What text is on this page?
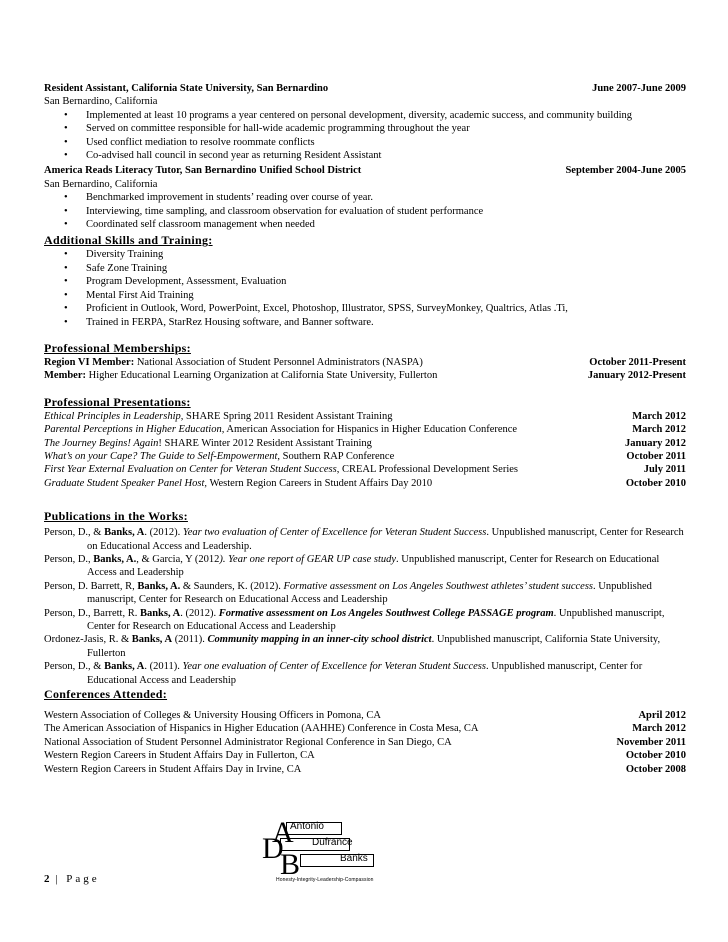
Resident Assistant, California State University, San Bernardino	June 2007-June 2009
San Bernardino, California
• Implemented at least 10 programs a year centered on personal development, diversity, academic success, and community building
• Served on committee responsible for hall-wide academic programming throughout the year
• Used conflict mediation to resolve roommate conflicts
• Co-advised hall council in second year as returning Resident Assistant
America Reads Literacy Tutor, San Bernardino Unified School District	September 2004-June 2005
San Bernardino, California
• Benchmarked improvement in students’ reading over course of year.
• Interviewing, time sampling, and classroom observation for evaluation of student performance
• Coordinated self classroom management when needed
Additional Skills and Training:
• Diversity Training
• Safe Zone Training
• Program Development, Assessment, Evaluation
• Mental First Aid Training
• Proficient in Outlook, Word, PowerPoint, Excel, Photoshop, Illustrator, SPSS, SurveyMonkey, Qualtrics, Atlas .Ti,
• Trained in FERPA, StarRez Housing software, and Banner software.
Professional Memberships:
Region VI Member: National Association of Student Personnel Administrators (NASPA)	October 2011-Present
Member: Higher Educational Learning Organization at California State University, Fullerton	January 2012-Present
Professional Presentations:
Ethical Principles in Leadership, SHARE Spring 2011 Resident Assistant Training	March 2012
Parental Perceptions in Higher Education, American Association for Hispanics in Higher Education Conference	March 2012
The Journey Begins! Again! SHARE Winter 2012 Resident Assistant Training	January 2012
What’s on your Cape? The Guide to Self-Empowerment, Southern RAP Conference	October 2011
First Year External Evaluation on Center for Veteran Student Success, CREAL Professional Development Series	July 2011
Graduate Student Speaker Panel Host, Western Region Careers in Student Affairs Day 2010	October 2010
Publications in the Works:
Person, D., & Banks, A. (2012). Year two evaluation of Center of Excellence for Veteran Student Success. Unpublished manuscript, Center for Research on Educational Access and Leadership.
Person, D., Banks, A., & Garcia, Y (2012). Year one report of GEAR UP case study. Unpublished manuscript, Center for Research on Educational Access and Leadership
Person, D. Barrett, R, Banks, A. & Saunders, K. (2012). Formative assessment on Los Angeles Southwest athletes’ student success. Unpublished manuscript, Center for Research on Educational Access and Leadership
Person, D., Barrett, R. Banks, A. (2012). Formative assessment on Los Angeles Southwest College PASSAGE program. Unpublished manuscript, Center for Research on Educational Access and Leadership
Ordonez-Jasis, R. & Banks, A (2011). Community mapping in an inner-city school district. Unpublished manuscript, California State University, Fullerton
Person, D., & Banks, A. (2011). Year one evaluation of Center of Excellence for Veteran Student Success. Unpublished manuscript, Center for Educational Access and Leadership
Conferences Attended:
Western Association of Colleges & University Housing Officers in Pomona, CA	April 2012
The American Association of Hispanics in Higher Education (AAHHE) Conference in Costa Mesa, CA	March 2012
National Association of Student Personnel Administrator Regional Conference in San Diego, CA	November 2011
Western Region Careers in Student Affairs Day in Fullerton, CA	October 2010
Western Region Careers in Student Affairs Day in Irvine, CA	October 2008
A
Antonio
D	Dufrance
B	Banks
Honesty-Integrity-Leadership-Compassion
2 | Page
